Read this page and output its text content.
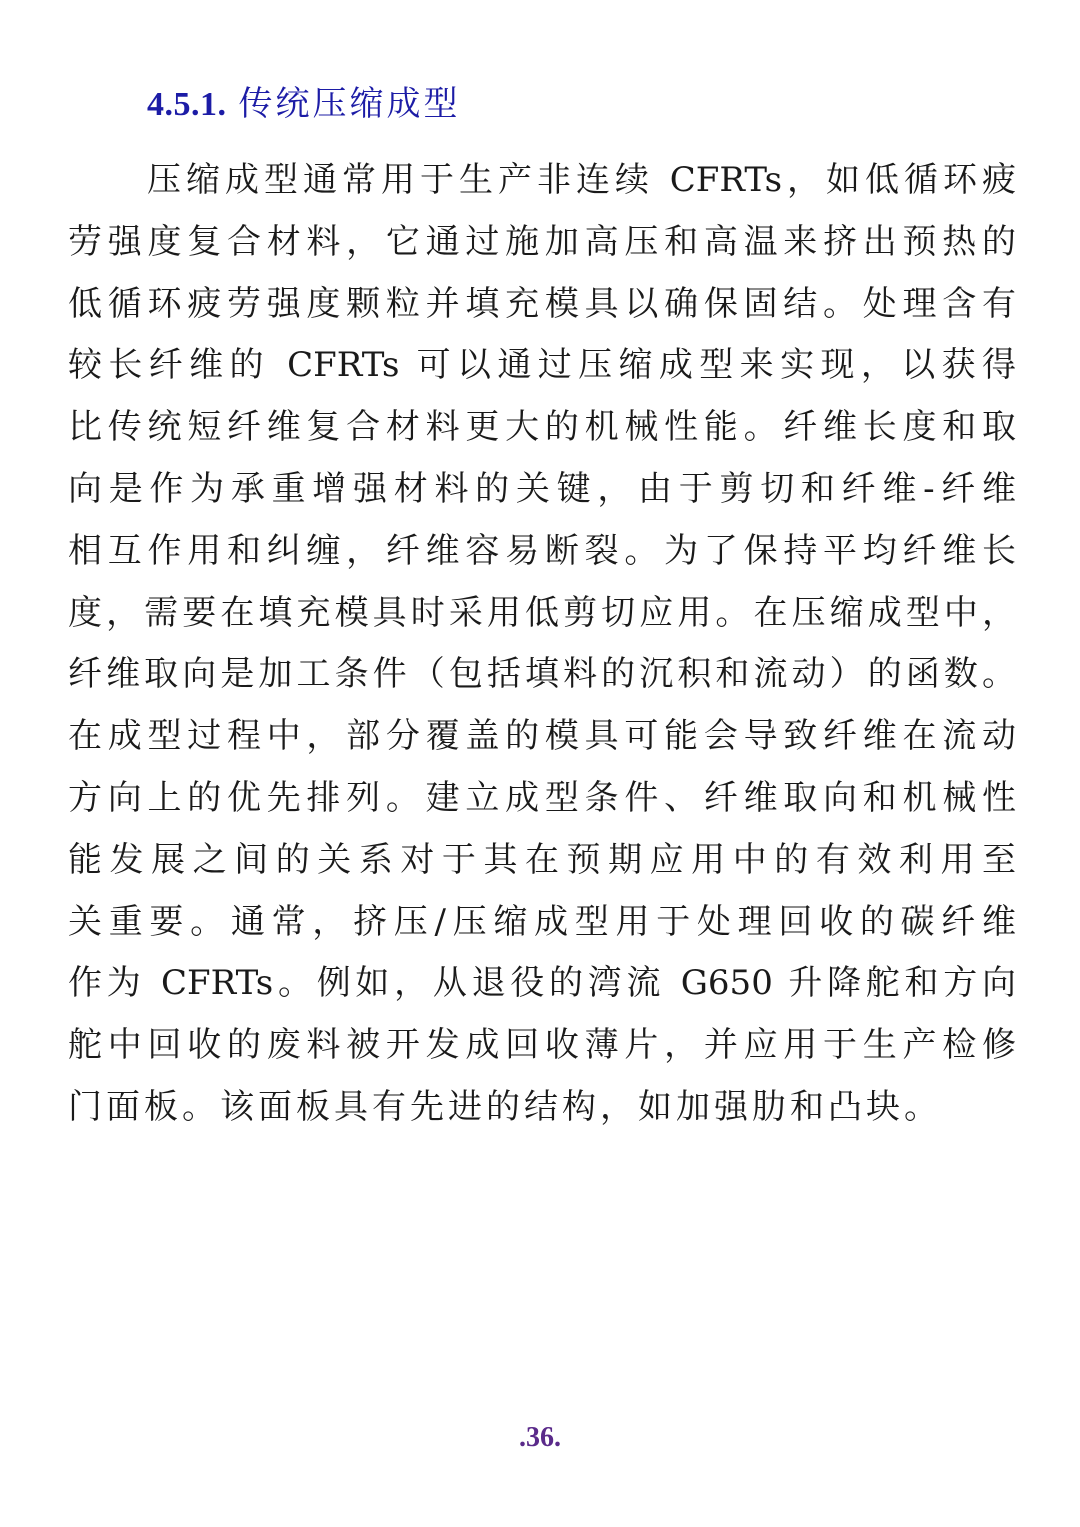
4.5.1. 传统压缩成型
压缩成型通常用于生产非连续 CFRTs，如低循环疲
劳强度复合材料，它通过施加高压和高温来挤出预热的
低循环疲劳强度颗粒并填充模具以确保固结。处理含有
较长纤维的 CFRTs 可以通过压缩成型来实现，以获得
比传统短纤维复合材料更大的机械性能。纤维长度和取
向是作为承重增强材料的关键，由于剪切和纤维-纤维
相互作用和纠缠，纤维容易断裂。为了保持平均纤维长
度，需要在填充模具时采用低剪切应用。在压缩成型中，
纤维取向是加工条件（包括填料的沉积和流动）的函数。
在成型过程中，部分覆盖的模具可能会导致纤维在流动
方向上的优先排列。建立成型条件、纤维取向和机械性
能发展之间的关系对于其在预期应用中的有效利用至
关重要。通常，挤压/压缩成型用于处理回收的碳纤维
作为 CFRTs。例如，从退役的湾流 G650 升降舵和方向
舵中回收的废料被开发成回收薄片，并应用于生产检修
门面板。该面板具有先进的结构，如加强肋和凸块。
.36.
